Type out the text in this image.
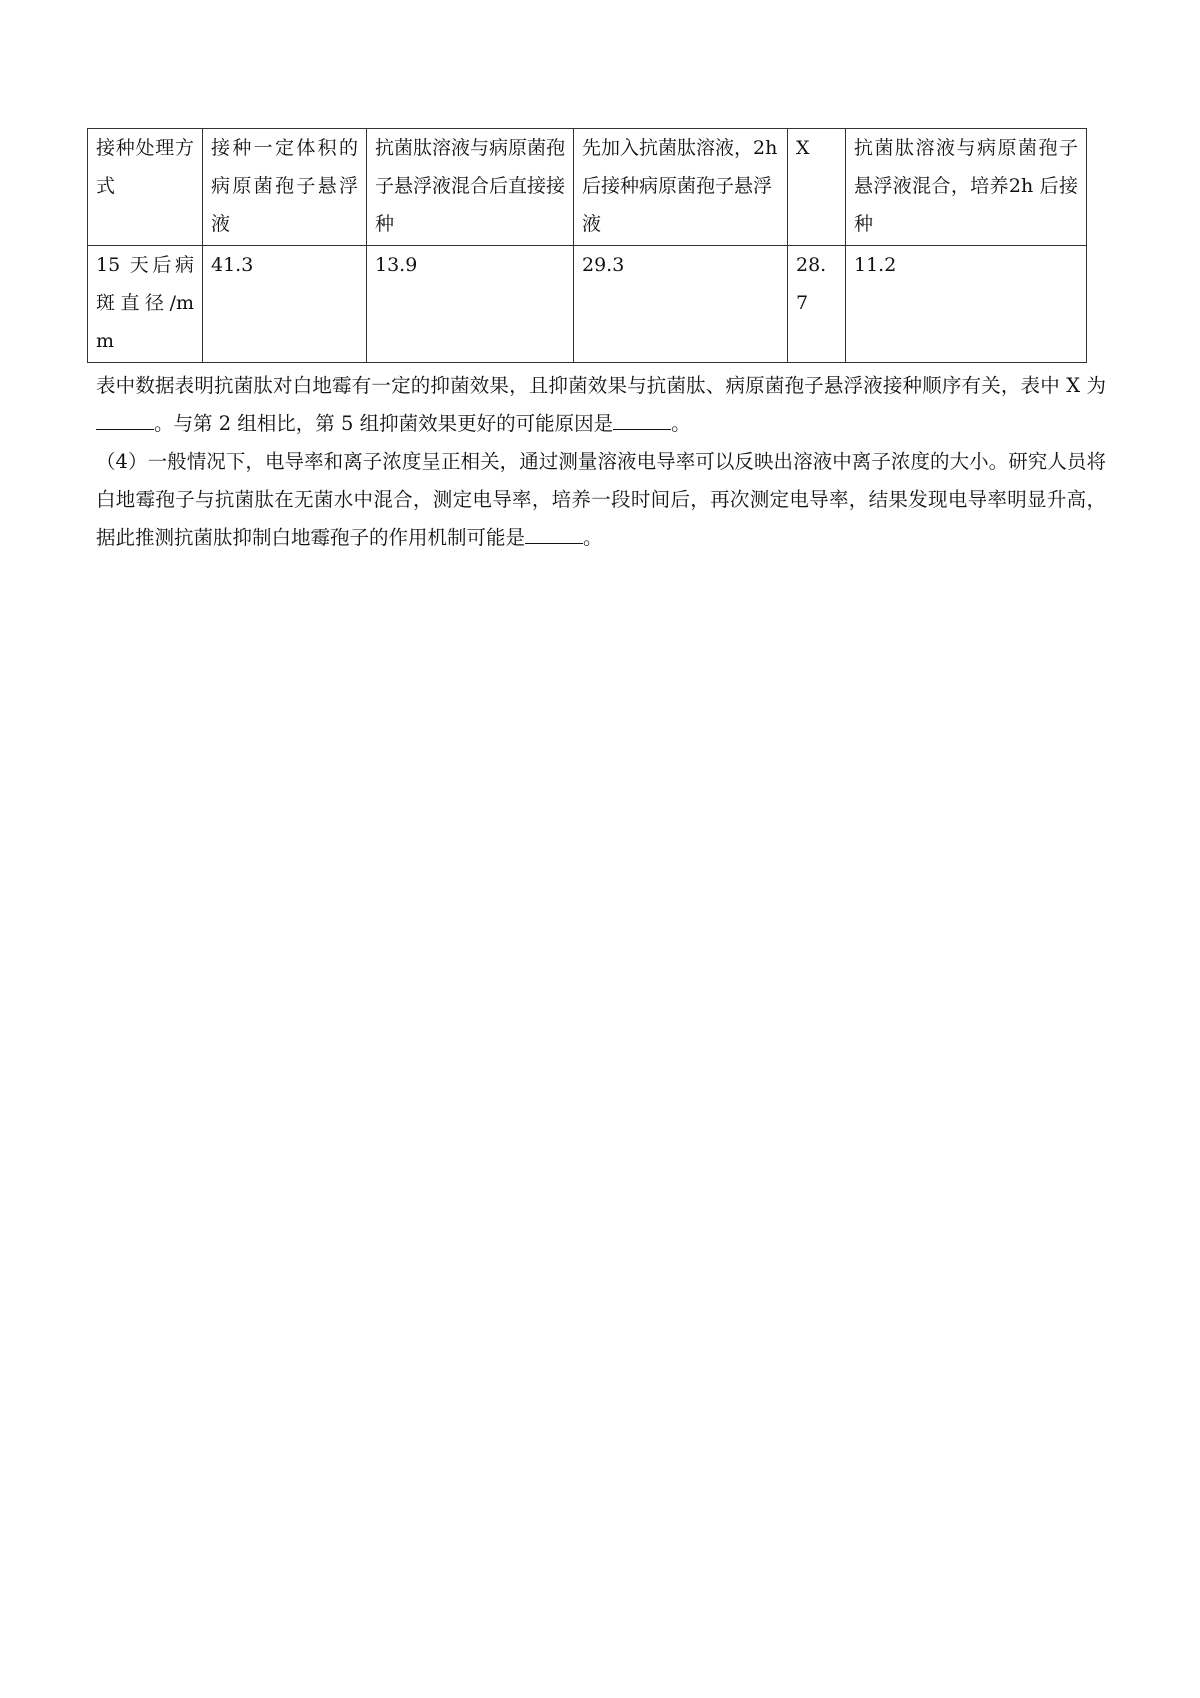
接种处理方式	接种一定体积的病原菌孢子悬浮液	抗菌肽溶液与病原菌孢子悬浮液混合后直接接种	先加入抗菌肽溶液，2h 后接种病原菌孢子悬浮液	X	抗菌肽溶液与病原菌孢子悬浮液混合，培养2h 后接种
15 天后病斑直径/mm	41.3	13.9	29.3	28.7	11.2

表中数据表明抗菌肽对白地霉有一定的抑菌效果，且抑菌效果与抗菌肽、病原菌孢子悬浮液接种顺序有关，表中 X 为。与第 2 组相比，第 5 组抑菌效果更好的可能原因是	。

（4）一般情况下，电导率和离子浓度呈正相关，通过测量溶液电导率可以反映出溶液中离子浓度的大小。研究人员将白地霉孢子与抗菌肽在无菌水中混合，测定电导率，培养一段时间后，再次测定电导率，结果发现电导率明显升高，据此推测抗菌肽抑制白地霉孢子的作用机制可能是	。
